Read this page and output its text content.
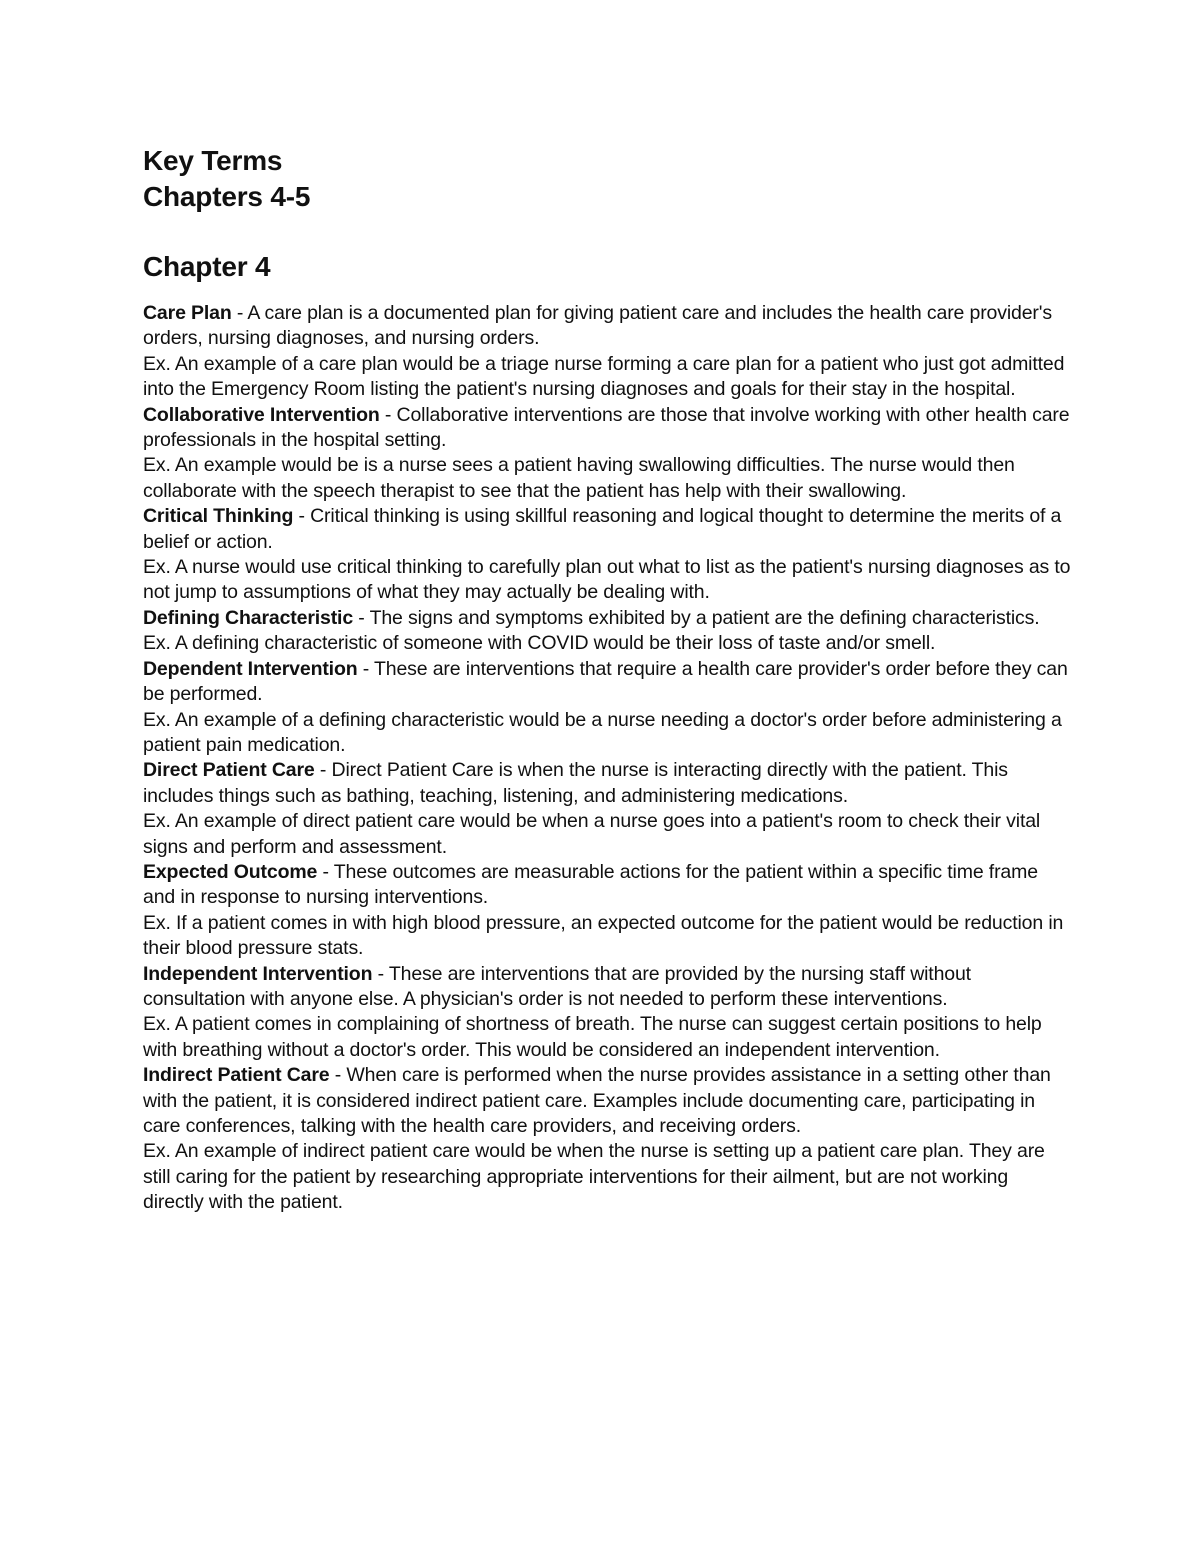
Key Terms
Chapters 4-5
Chapter 4

Care Plan - A care plan is a documented plan for giving patient care and includes the health care provider's orders, nursing diagnoses, and nursing orders.

Ex. An example of a care plan would be a triage nurse forming a care plan for a patient who just got admitted into the Emergency Room listing the patient's nursing diagnoses and goals for their stay in the hospital.

Collaborative Intervention - Collaborative interventions are those that involve working with other health care professionals in the hospital setting.

Ex. An example would be is a nurse sees a patient having swallowing difficulties. The nurse would then collaborate with the speech therapist to see that the patient has help with their swallowing.

Critical Thinking - Critical thinking is using skillful reasoning and logical thought to determine the merits of a belief or action.

Ex. A nurse would use critical thinking to carefully plan out what to list as the patient's nursing diagnoses as to not jump to assumptions of what they may actually be dealing with.

Defining Characteristic - The signs and symptoms exhibited by a patient are the defining characteristics.

Ex. A defining characteristic of someone with COVID would be their loss of taste and/or smell.

Dependent Intervention - These are interventions that require a health care provider's order before they can be performed.

Ex. An example of a defining characteristic would be a nurse needing a doctor's order before administering a patient pain medication.

Direct Patient Care - Direct Patient Care is when the nurse is interacting directly with the patient. This includes things such as bathing, teaching, listening, and administering medications.

Ex. An example of direct patient care would be when a nurse goes into a patient's room to check their vital signs and perform and assessment.

Expected Outcome - These outcomes are measurable actions for the patient within a specific time frame and in response to nursing interventions.

Ex. If a patient comes in with high blood pressure, an expected outcome for the patient would be reduction in their blood pressure stats.

Independent Intervention - These are interventions that are provided by the nursing staff without consultation with anyone else. A physician's order is not needed to perform these interventions.

Ex. A patient comes in complaining of shortness of breath. The nurse can suggest certain positions to help with breathing without a doctor's order. This would be considered an independent intervention.

Indirect Patient Care - When care is performed when the nurse provides assistance in a setting other than with the patient, it is considered indirect patient care. Examples include documenting care, participating in care conferences, talking with the health care providers, and receiving orders.

Ex. An example of indirect patient care would be when the nurse is setting up a patient care plan. They are still caring for the patient by researching appropriate interventions for their ailment, but are not working directly with the patient.
